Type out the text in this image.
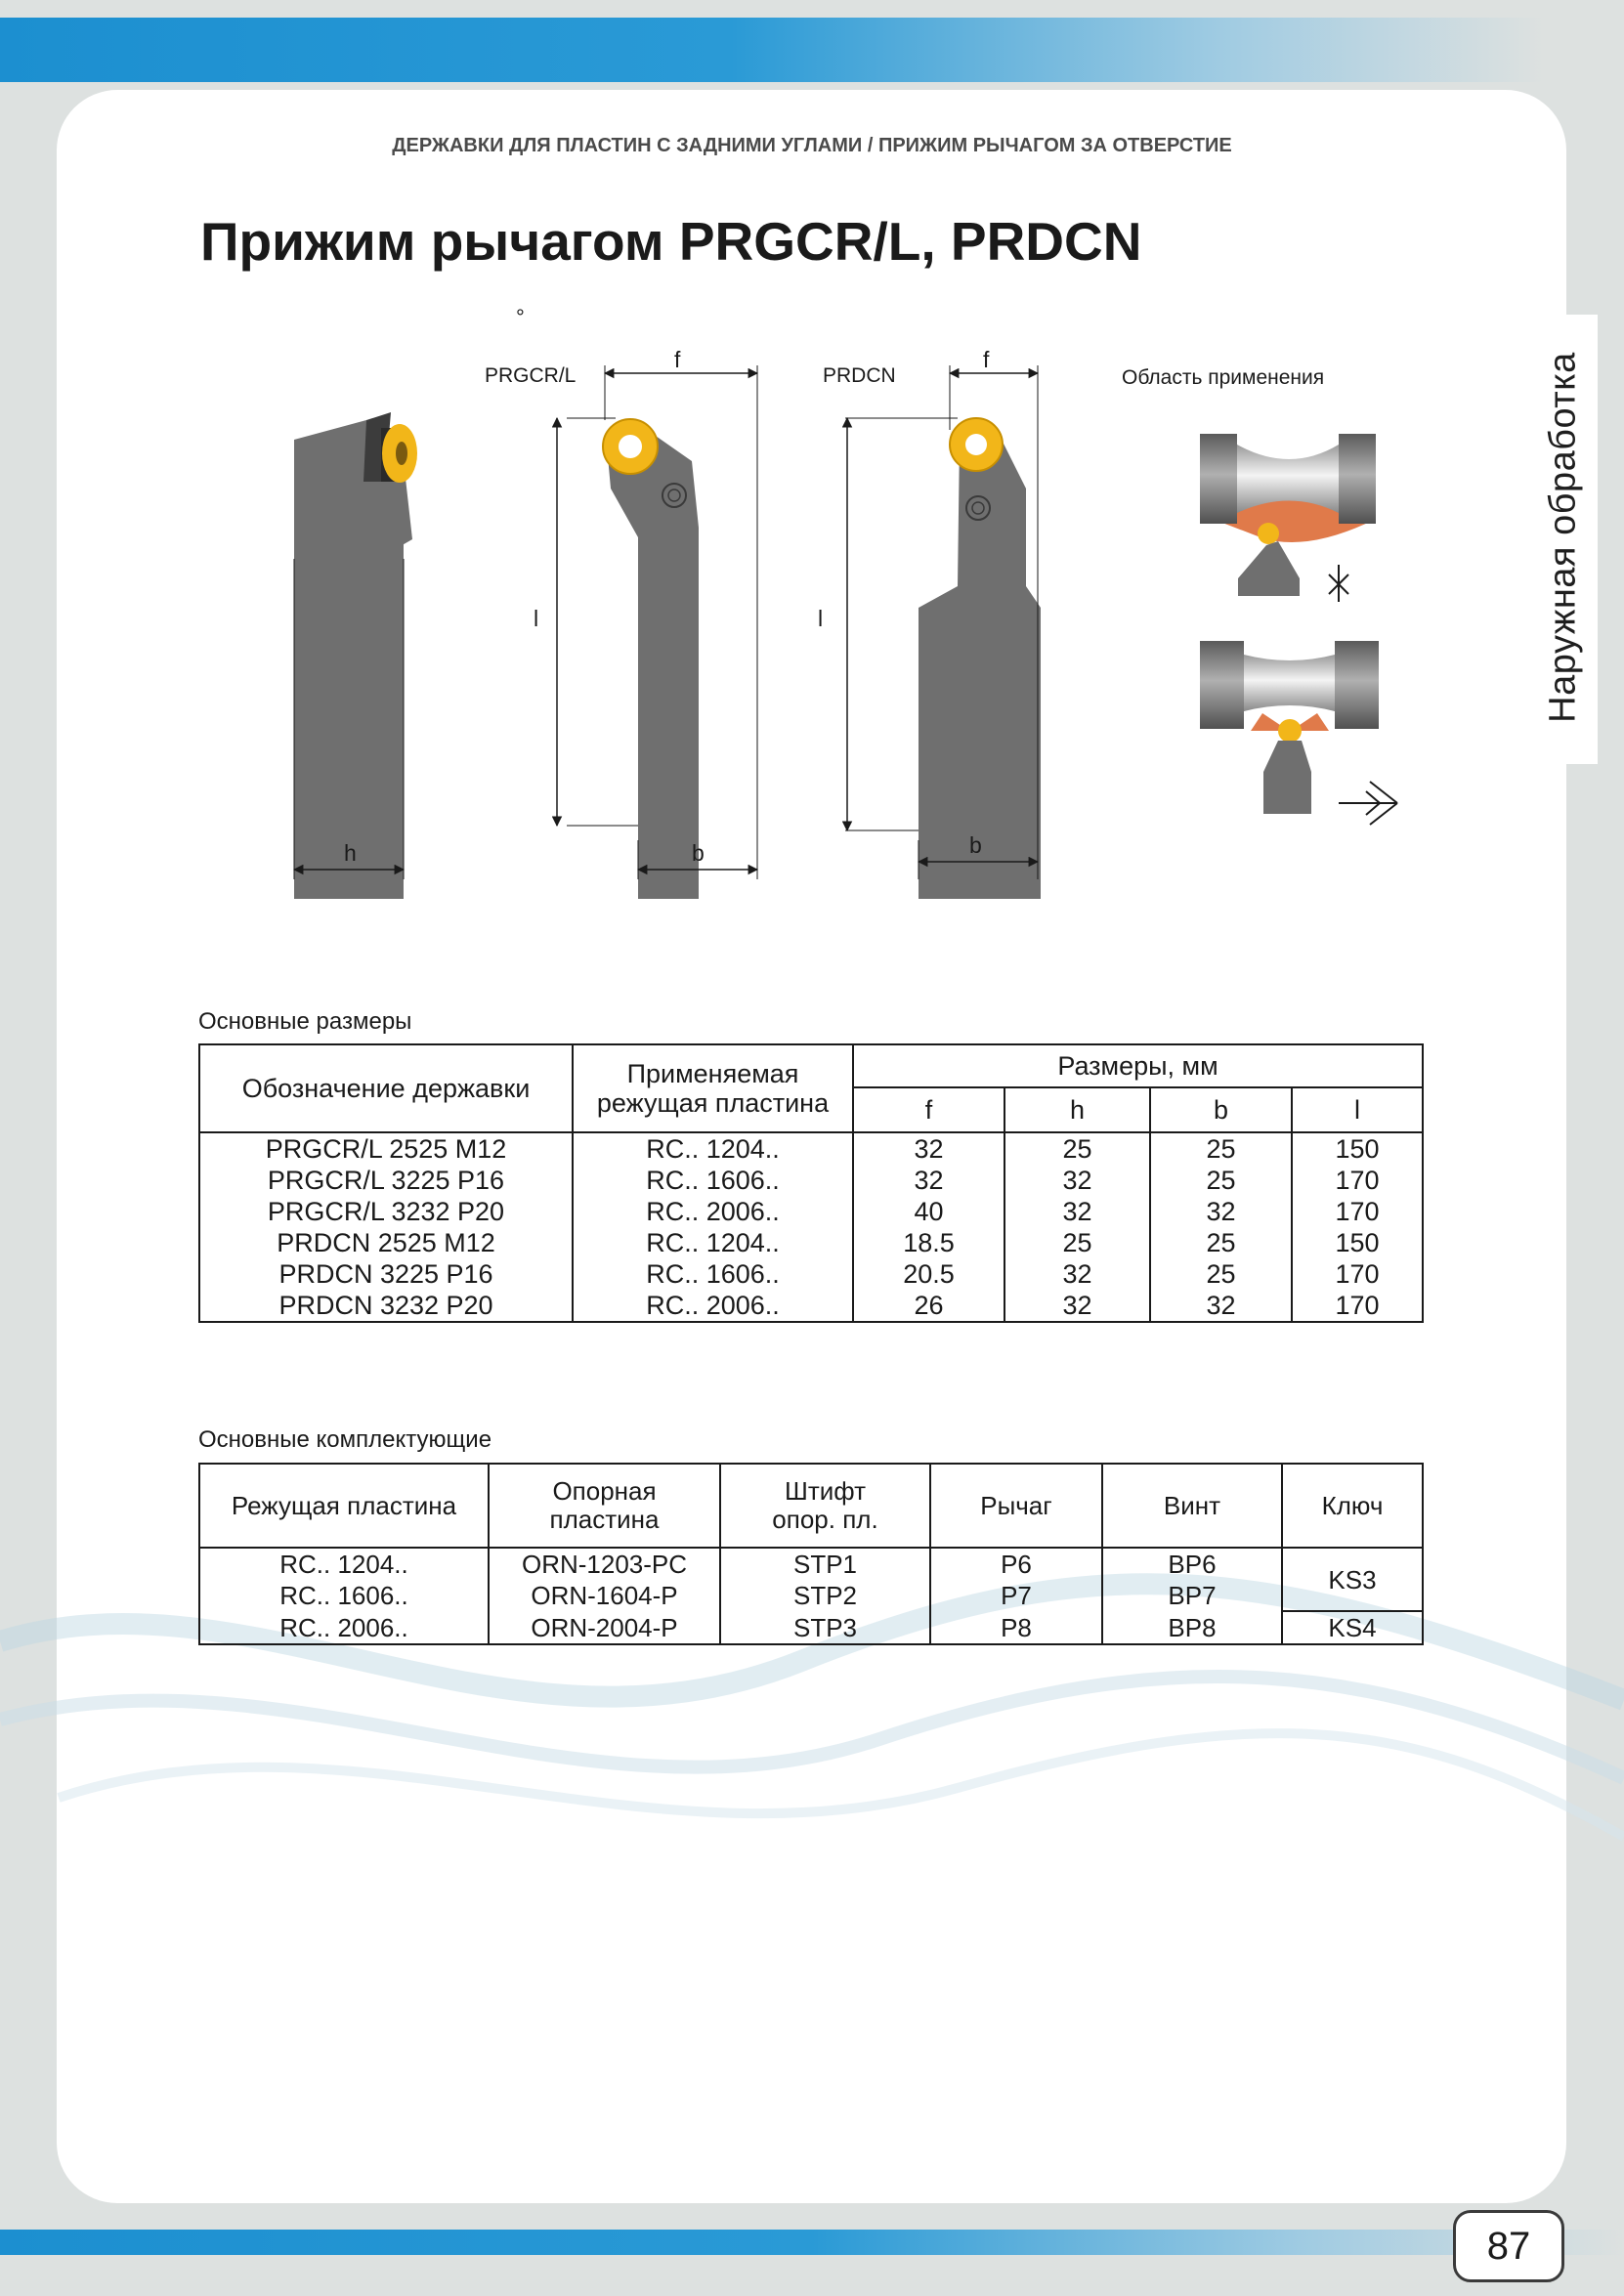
Наружная обработка
ДЕРЖАВКИ ДЛЯ ПЛАСТИН С ЗАДНИМИ УГЛАМИ / ПРИЖИМ РЫЧАГОМ ЗА ОТВЕРСТИЕ
Прижим рычагом PRGCR/L, PRDCN
°
PRGCR/L	PRDCN	Область применения
f	f
l	l
h	b	b
Основные размеры
Обозначение державки	Применяемая режущая пластина	Размеры, мм			
		f	h	b	l
PRGCR/L 2525 M12	RC.. 1204..	32	25	25	150
PRGCR/L 3225 P16	RC.. 1606..	32	32	25	170
PRGCR/L 3232 P20	RC.. 2006..	40	32	32	170
PRDCN 2525 M12	RC.. 1204..	18.5	25	25	150
PRDCN 3225 P16	RC.. 1606..	20.5	32	25	170
PRDCN 3232 P20	RC.. 2006..	26	32	32	170
Основные комплектующие
Режущая пластина	Опорная пластина	Штифт опор. пл.	Рычаг	Винт	Ключ
RC.. 1204..	ORN-1203-PC	STP1	P6	BP6	KS3
RC.. 1606..	ORN-1604-P	STP2	P7	BP7	
RC.. 2006..	ORN-2004-P	STP3	P8	BP8	KS4
87
